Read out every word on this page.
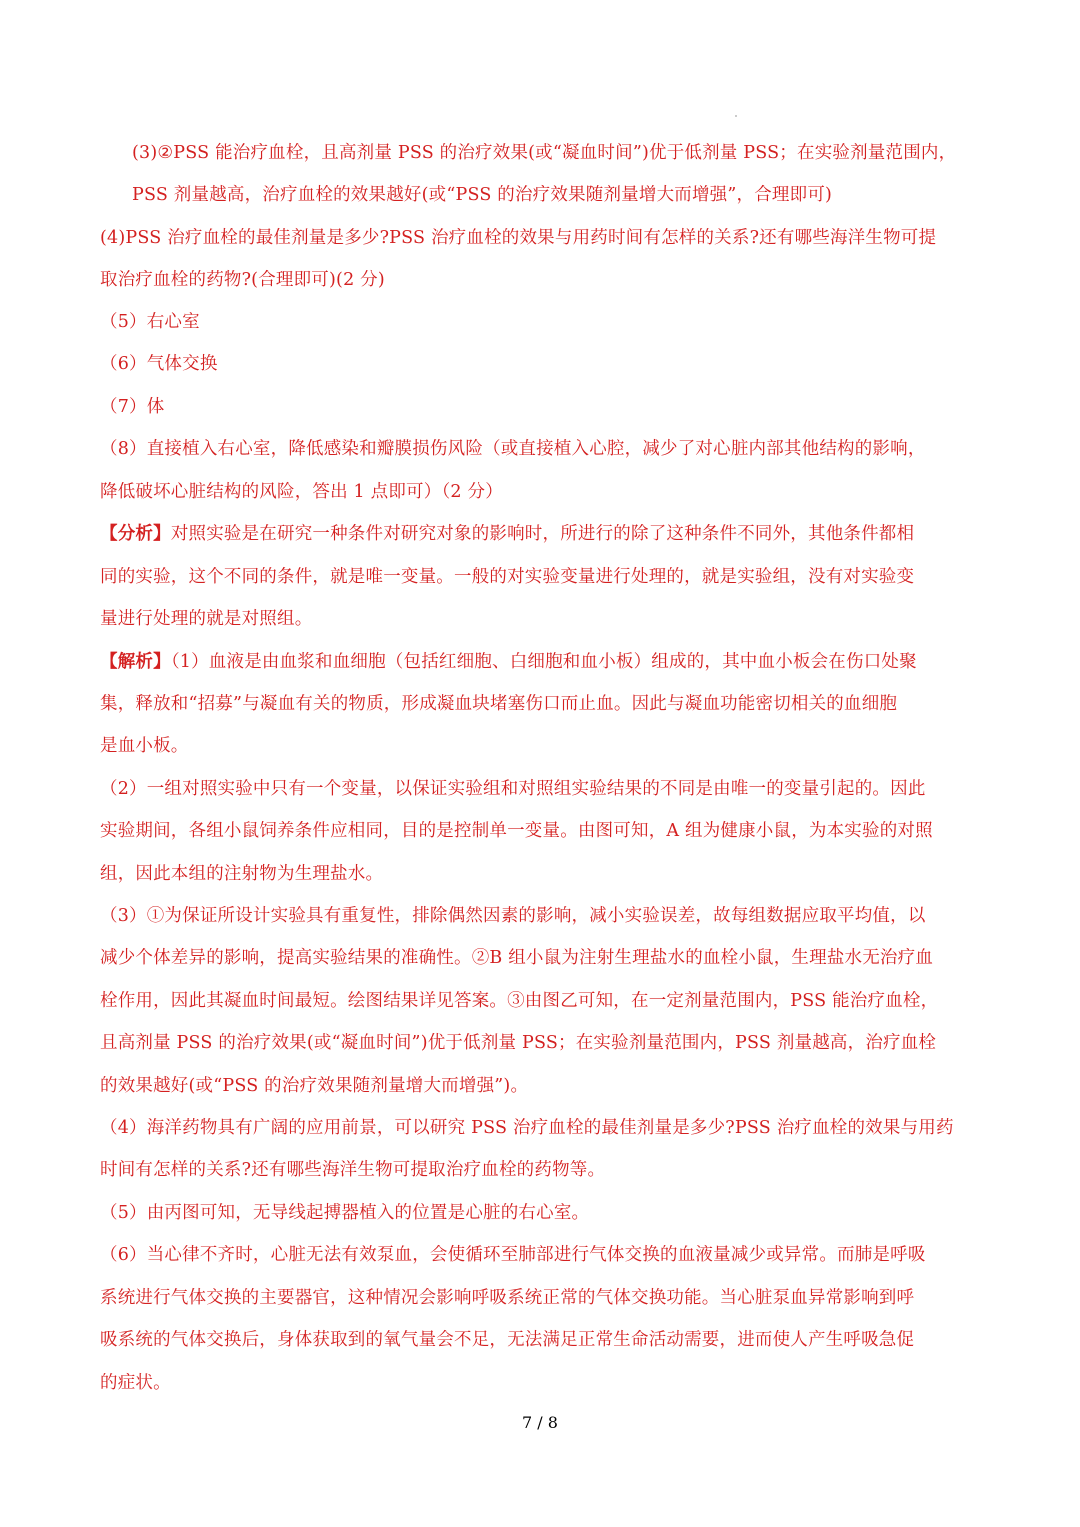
(3)②PSS 能治疗血栓，且高剂量 PSS 的治疗效果(或“凝血时间”)优于低剂量 PSS；在实验剂量范围内，
PSS 剂量越高，治疗血栓的效果越好(或“PSS 的治疗效果随剂量增大而增强”，合理即可)
(4)PSS 治疗血栓的最佳剂量是多少?PSS 治疗血栓的效果与用药时间有怎样的关系?还有哪些海洋生物可提
取治疗血栓的药物?(合理即可)(2 分)
（5）右心室
（6）气体交换
（7）体
（8）直接植入右心室，降低感染和瓣膜损伤风险（或直接植入心腔，减少了对心脏内部其他结构的影响，
降低破坏心脏结构的风险，答出 1 点即可）（2 分）
【分析】对照实验是在研究一种条件对研究对象的影响时，所进行的除了这种条件不同外，其他条件都相
同的实验，这个不同的条件，就是唯一变量。一般的对实验变量进行处理的，就是实验组，没有对实验变
量进行处理的就是对照组。
【解析】（1）血液是由血浆和血细胞（包括红细胞、白细胞和血小板）组成的，其中血小板会在伤口处聚
集，释放和“招募”与凝血有关的物质，形成凝血块堵塞伤口而止血。因此与凝血功能密切相关的血细胞
是血小板。
（2）一组对照实验中只有一个变量，以保证实验组和对照组实验结果的不同是由唯一的变量引起的。因此
实验期间，各组小鼠饲养条件应相同，目的是控制单一变量。由图可知，A 组为健康小鼠，为本实验的对照
组，因此本组的注射物为生理盐水。
（3）①为保证所设计实验具有重复性，排除偶然因素的影响，减小实验误差，故每组数据应取平均值，以
减少个体差异的影响，提高实验结果的准确性。②B 组小鼠为注射生理盐水的血栓小鼠，生理盐水无治疗血
栓作用，因此其凝血时间最短。绘图结果详见答案。③由图乙可知，在一定剂量范围内，PSS 能治疗血栓，
且高剂量 PSS 的治疗效果(或“凝血时间”)优于低剂量 PSS；在实验剂量范围内，PSS 剂量越高，治疗血栓
的效果越好(或“PSS 的治疗效果随剂量增大而增强”)。
（4）海洋药物具有广阔的应用前景，可以研究 PSS 治疗血栓的最佳剂量是多少?PSS 治疗血栓的效果与用药
时间有怎样的关系?还有哪些海洋生物可提取治疗血栓的药物等。
（5）由丙图可知，无导线起搏器植入的位置是心脏的右心室。
（6）当心律不齐时，心脏无法有效泵血，会使循环至肺部进行气体交换的血液量减少或异常。而肺是呼吸
系统进行气体交换的主要器官，这种情况会影响呼吸系统正常的气体交换功能。当心脏泵血异常影响到呼
吸系统的气体交换后，身体获取到的氧气量会不足，无法满足正常生命活动需要，进而使人产生呼吸急促
的症状。
7 / 8
